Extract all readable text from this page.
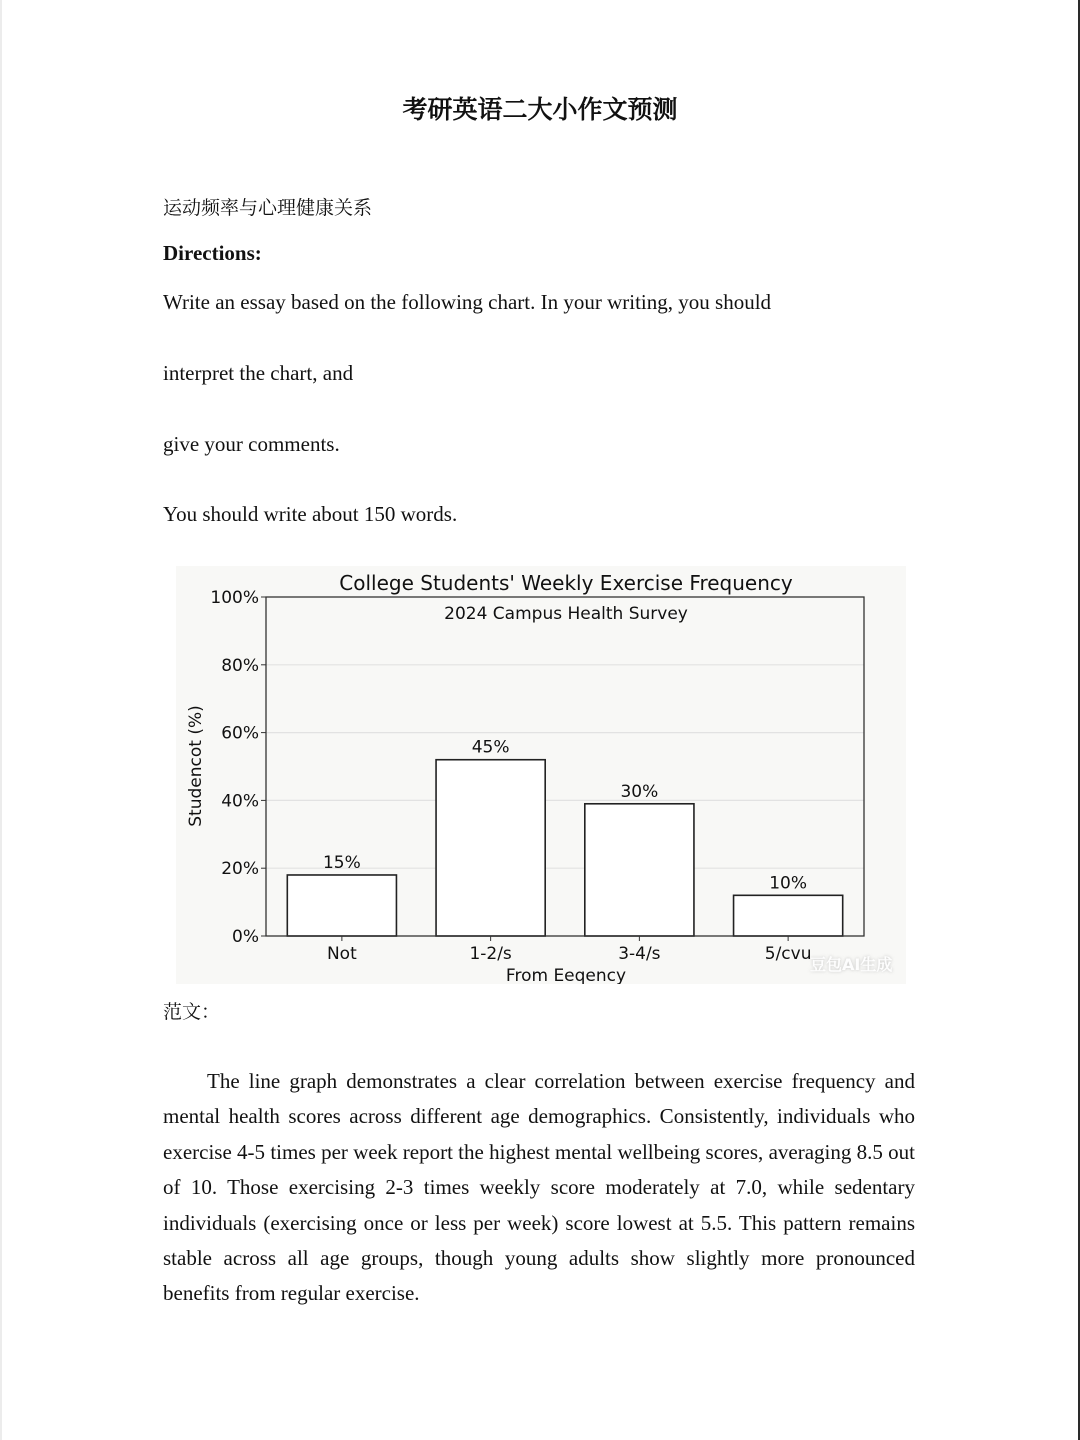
考研英语二大小作文预测
运动频率与心理健康关系
Directions:
Write an essay based on the following chart. In your writing, you should
interpret the chart, and
give your comments.
You should write about 150 words.
0%
20%
40%
60%
80%
100%
Not	1-2/s	3-4/s	5/cvu
15%
45%
30%
10%
College Students' Weekly Exercise Frequency
2024 Campus Health Survey
From Eeqency
Studencot (%)
豆包AI生成
范文：

The line graph demonstrates a clear correlation between exercise frequency and mental health scores across different age demographics. Consistently, individuals who exercise 4-5 times per week report the highest mental wellbeing scores, averaging 8.5 out of 10. Those exercising 2-3 times weekly score moderately at 7.0, while sedentary individuals (exercising once or less per week) score lowest at 5.5. This pattern remains stable across all age groups, though young adults show slightly more pronounced benefits from regular exercise.
